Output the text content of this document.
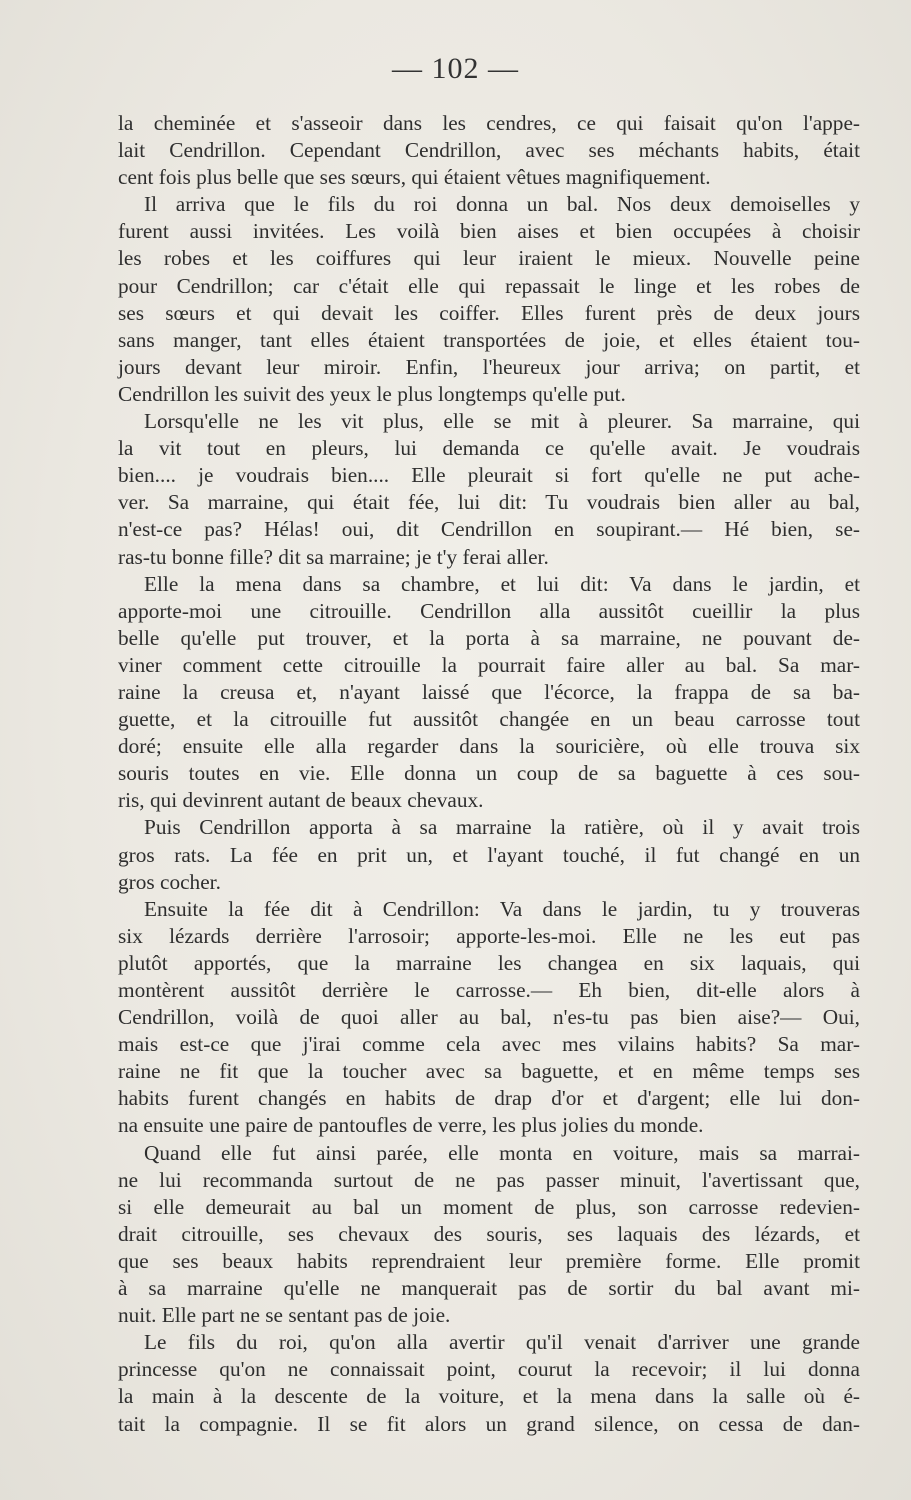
— 102 —
la cheminée et s'asseoir dans les cendres, ce qui faisait qu'on l'appe-
lait Cendrillon. Cependant Cendrillon, avec ses méchants habits, était
cent fois plus belle que ses sœurs, qui étaient vêtues magnifiquement.
Il arriva que le fils du roi donna un bal. Nos deux demoiselles y
furent aussi invitées. Les voilà bien aises et bien occupées à choisir
les robes et les coiffures qui leur iraient le mieux. Nouvelle peine
pour Cendrillon; car c'était elle qui repassait le linge et les robes de
ses sœurs et qui devait les coiffer. Elles furent près de deux jours
sans manger, tant elles étaient transportées de joie, et elles étaient tou-
jours devant leur miroir. Enfin, l'heureux jour arriva; on partit, et
Cendrillon les suivit des yeux le plus longtemps qu'elle put.
Lorsqu'elle ne les vit plus, elle se mit à pleurer. Sa marraine, qui
la vit tout en pleurs, lui demanda ce qu'elle avait. Je voudrais
bien.... je voudrais bien.... Elle pleurait si fort qu'elle ne put ache-
ver. Sa marraine, qui était fée, lui dit: Tu voudrais bien aller au bal,
n'est-ce pas? Hélas! oui, dit Cendrillon en soupirant.— Hé bien, se-
ras-tu bonne fille? dit sa marraine; je t'y ferai aller.
Elle la mena dans sa chambre, et lui dit: Va dans le jardin, et
apporte-moi une citrouille. Cendrillon alla aussitôt cueillir la plus
belle qu'elle put trouver, et la porta à sa marraine, ne pouvant de-
viner comment cette citrouille la pourrait faire aller au bal. Sa mar-
raine la creusa et, n'ayant laissé que l'écorce, la frappa de sa ba-
guette, et la citrouille fut aussitôt changée en un beau carrosse tout
doré; ensuite elle alla regarder dans la souricière, où elle trouva six
souris toutes en vie. Elle donna un coup de sa baguette à ces sou-
ris, qui devinrent autant de beaux chevaux.
Puis Cendrillon apporta à sa marraine la ratière, où il y avait trois
gros rats. La fée en prit un, et l'ayant touché, il fut changé en un
gros cocher.
Ensuite la fée dit à Cendrillon: Va dans le jardin, tu y trouveras
six lézards derrière l'arrosoir; apporte-les-moi. Elle ne les eut pas
plutôt apportés, que la marraine les changea en six laquais, qui
montèrent aussitôt derrière le carrosse.— Eh bien, dit-elle alors à
Cendrillon, voilà de quoi aller au bal, n'es-tu pas bien aise?— Oui,
mais est-ce que j'irai comme cela avec mes vilains habits? Sa mar-
raine ne fit que la toucher avec sa baguette, et en même temps ses
habits furent changés en habits de drap d'or et d'argent; elle lui don-
na ensuite une paire de pantoufles de verre, les plus jolies du monde.
Quand elle fut ainsi parée, elle monta en voiture, mais sa marrai-
ne lui recommanda surtout de ne pas passer minuit, l'avertissant que,
si elle demeurait au bal un moment de plus, son carrosse redevien-
drait citrouille, ses chevaux des souris, ses laquais des lézards, et
que ses beaux habits reprendraient leur première forme. Elle promit
à sa marraine qu'elle ne manquerait pas de sortir du bal avant mi-
nuit. Elle part ne se sentant pas de joie.
Le fils du roi, qu'on alla avertir qu'il venait d'arriver une grande
princesse qu'on ne connaissait point, courut la recevoir; il lui donna
la main à la descente de la voiture, et la mena dans la salle où é-
tait la compagnie. Il se fit alors un grand silence, on cessa de dan-
